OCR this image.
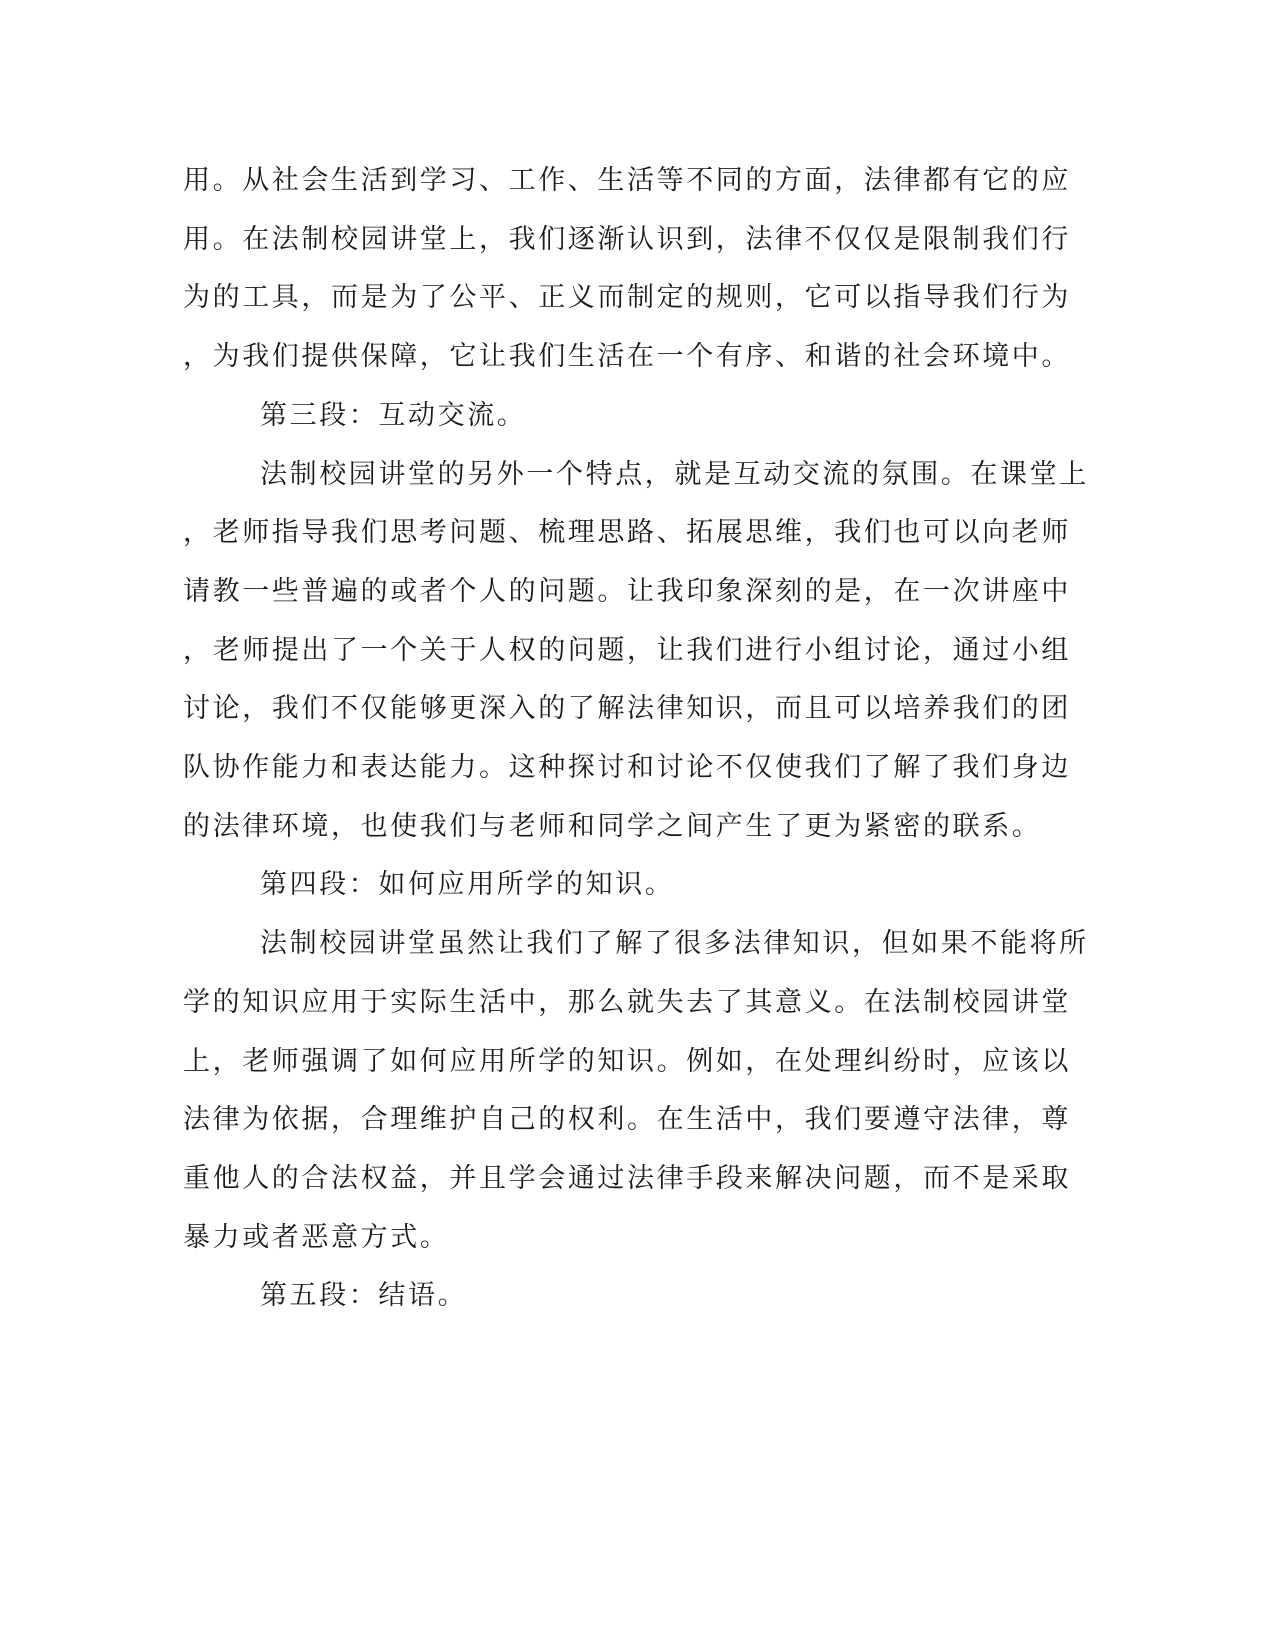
用。从社会生活到学习、工作、生活等不同的方面，法律都有它的应
用。在法制校园讲堂上，我们逐渐认识到，法律不仅仅是限制我们行
为的工具，而是为了公平、正义而制定的规则，它可以指导我们行为
，为我们提供保障，它让我们生活在一个有序、和谐的社会环境中。
第三段：互动交流。
法制校园讲堂的另外一个特点，就是互动交流的氛围。在课堂上
，老师指导我们思考问题、梳理思路、拓展思维，我们也可以向老师
请教一些普遍的或者个人的问题。让我印象深刻的是，在一次讲座中
，老师提出了一个关于人权的问题，让我们进行小组讨论，通过小组
讨论，我们不仅能够更深入的了解法律知识，而且可以培养我们的团
队协作能力和表达能力。这种探讨和讨论不仅使我们了解了我们身边
的法律环境，也使我们与老师和同学之间产生了更为紧密的联系。
第四段：如何应用所学的知识。
法制校园讲堂虽然让我们了解了很多法律知识，但如果不能将所
学的知识应用于实际生活中，那么就失去了其意义。在法制校园讲堂
上，老师强调了如何应用所学的知识。例如，在处理纠纷时，应该以
法律为依据，合理维护自己的权利。在生活中，我们要遵守法律，尊
重他人的合法权益，并且学会通过法律手段来解决问题，而不是采取
暴力或者恶意方式。
第五段：结语。
